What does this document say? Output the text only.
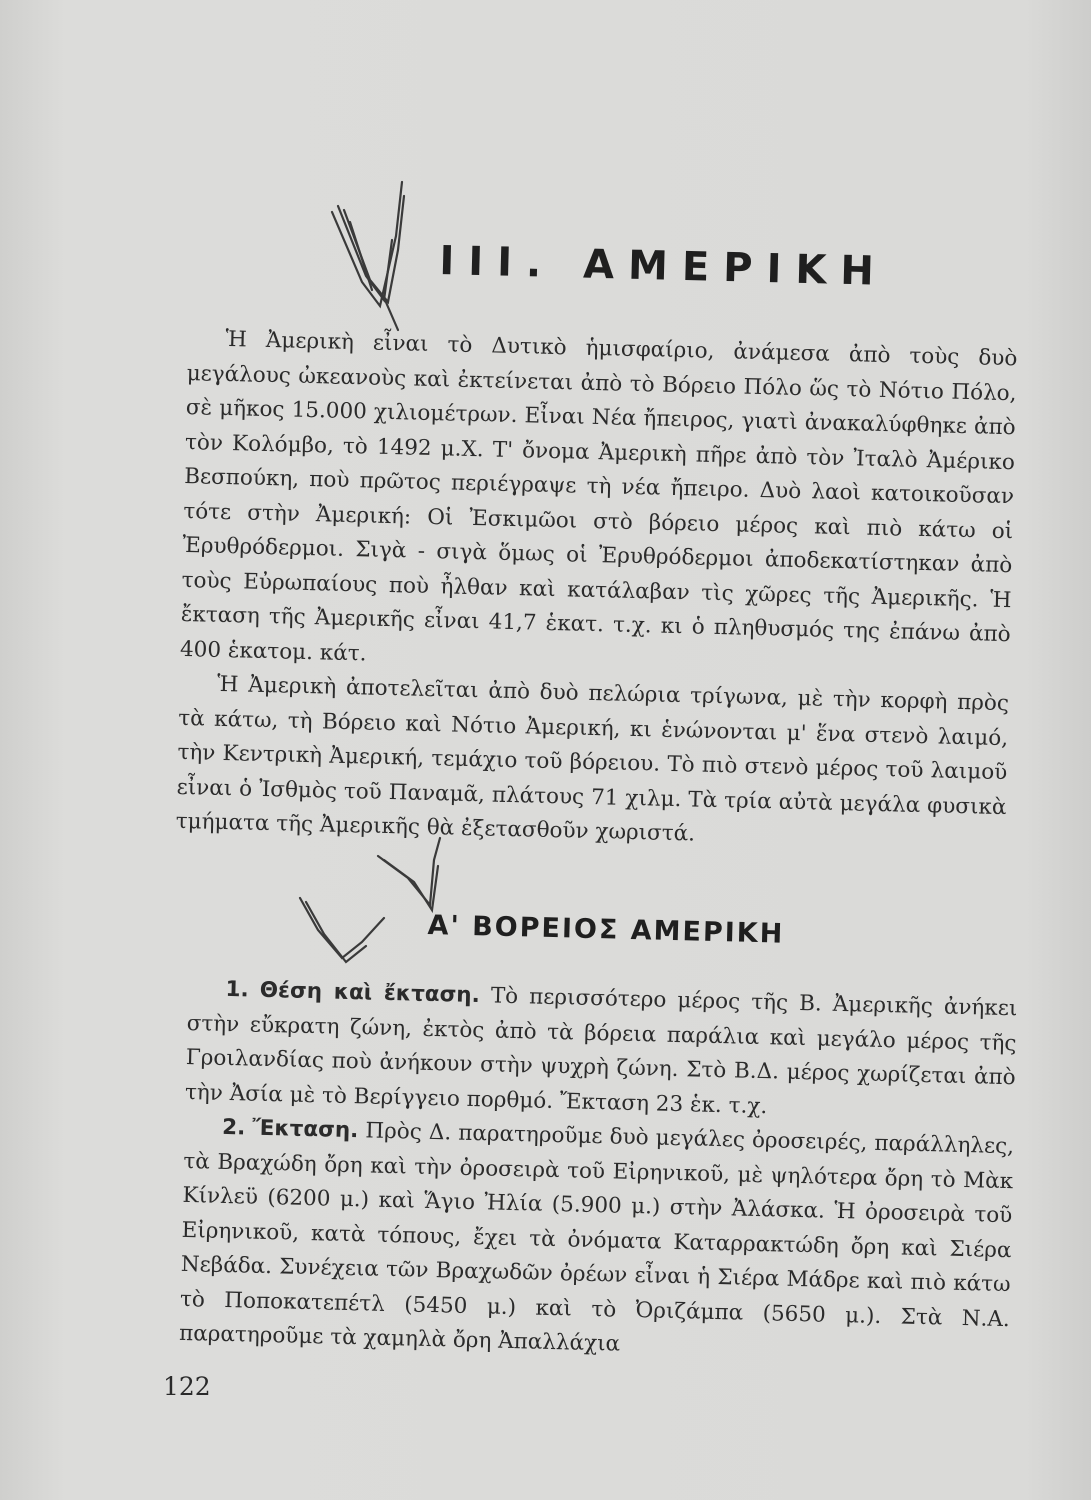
III. ΑΜΕΡΙΚΗ

Ἡ Ἀμερικὴ εἶναι τὸ Δυτικὸ ἡμισφαίριο, ἀνάμεσα ἀπὸ τοὺς δυὸ μεγάλους ὠκεανοὺς καὶ ἐκτείνεται ἀπὸ τὸ Βόρειο Πόλο ὥς τὸ Νότιο Πόλο, σὲ μῆκος 15.000 χιλιομέτρων. Εἶναι Νέα ἤπειρος, γιατὶ ἀνακαλύφθηκε ἀπὸ τὸν Κολόμβο, τὸ 1492 μ.Χ. Τ' ὄνομα Ἀμερικὴ πῆρε ἀπὸ τὸν Ἰταλὸ Ἀμέρικο Βεσπούκη, ποὺ πρῶτος περιέγραψε τὴ νέα ἤπειρο. Δυὸ λαοὶ κατοικοῦσαν τότε στὴν Ἀμερική: Οἱ Ἐσκιμῶοι στὸ βόρειο μέρος καὶ πιὸ κάτω οἱ Ἐρυθρόδερμοι. Σιγὰ - σιγὰ ὅμως οἱ Ἐρυθρόδερμοι ἀποδεκατίστηκαν ἀπὸ τοὺς Εὐρωπαίους ποὺ ἦλθαν καὶ κατάλαβαν τὶς χῶρες τῆς Ἀμερικῆς. Ἡ ἔκταση τῆς Ἀμερικῆς εἶναι 41,7 ἑκατ. τ.χ. κι ὁ πληθυσμός της ἐπάνω ἀπὸ 400 ἑκατομ. κάτ.

Ἡ Ἀμερικὴ ἀποτελεῖται ἀπὸ δυὸ πελώρια τρίγωνα, μὲ τὴν κορφὴ πρὸς τὰ κάτω, τὴ Βόρειο καὶ Νότιο Ἀμερική, κι ἑνώνονται μ' ἕνα στενὸ λαιμό, τὴν Κεντρικὴ Ἀμερική, τεμάχιο τοῦ βόρειου. Τὸ πιὸ στενὸ μέρος τοῦ λαιμοῦ εἶναι ὁ Ἰσθμὸς τοῦ Παναμᾶ, πλάτους 71 χιλμ. Τὰ τρία αὐτὰ μεγάλα φυσικὰ τμήματα τῆς Ἀμερικῆς θὰ ἐξετασθοῦν χωριστά.

Α' ΒΟΡΕΙΟΣ ΑΜΕΡΙΚΗ

1. Θέση καὶ ἔκταση. Τὸ περισσότερο μέρος τῆς Β. Ἀμερικῆς ἀνήκει στὴν εὔκρατη ζώνη, ἐκτὸς ἀπὸ τὰ βόρεια παράλια καὶ μεγάλο μέρος τῆς Γροιλανδίας ποὺ ἀνήκουν στὴν ψυχρὴ ζώνη. Στὸ Β.Δ. μέρος χωρίζεται ἀπὸ τὴν Ἀσία μὲ τὸ Βερίγγειο πορθμό. Ἔκταση 23 ἑκ. τ.χ.

2. Ἔκταση. Πρὸς Δ. παρατηροῦμε δυὸ μεγάλες ὀροσειρές, παράλληλες, τὰ Βραχώδη ὄρη καὶ τὴν ὀροσειρὰ τοῦ Εἰρηνικοῦ, μὲ ψηλότερα ὄρη τὸ Μὰκ Κίνλεϋ (6200 μ.) καὶ Ἅγιο Ἠλία (5.900 μ.) στὴν Ἀλάσκα. Ἡ ὀροσειρὰ τοῦ Εἰρηνικοῦ, κατὰ τόπους, ἔχει τὰ ὀνόματα Καταρρακτώδη ὄρη καὶ Σιέρα Νεβάδα. Συνέχεια τῶν Βραχωδῶν ὀρέων εἶναι ἡ Σιέρα Μάδρε καὶ πιὸ κάτω τὸ Ποποκατεπέτλ (5450 μ.) καὶ τὸ Ὀριζάμπα (5650 μ.). Στὰ Ν.Α. παρατηροῦμε τὰ χαμηλὰ ὄρη Ἀπαλλάχια

122
